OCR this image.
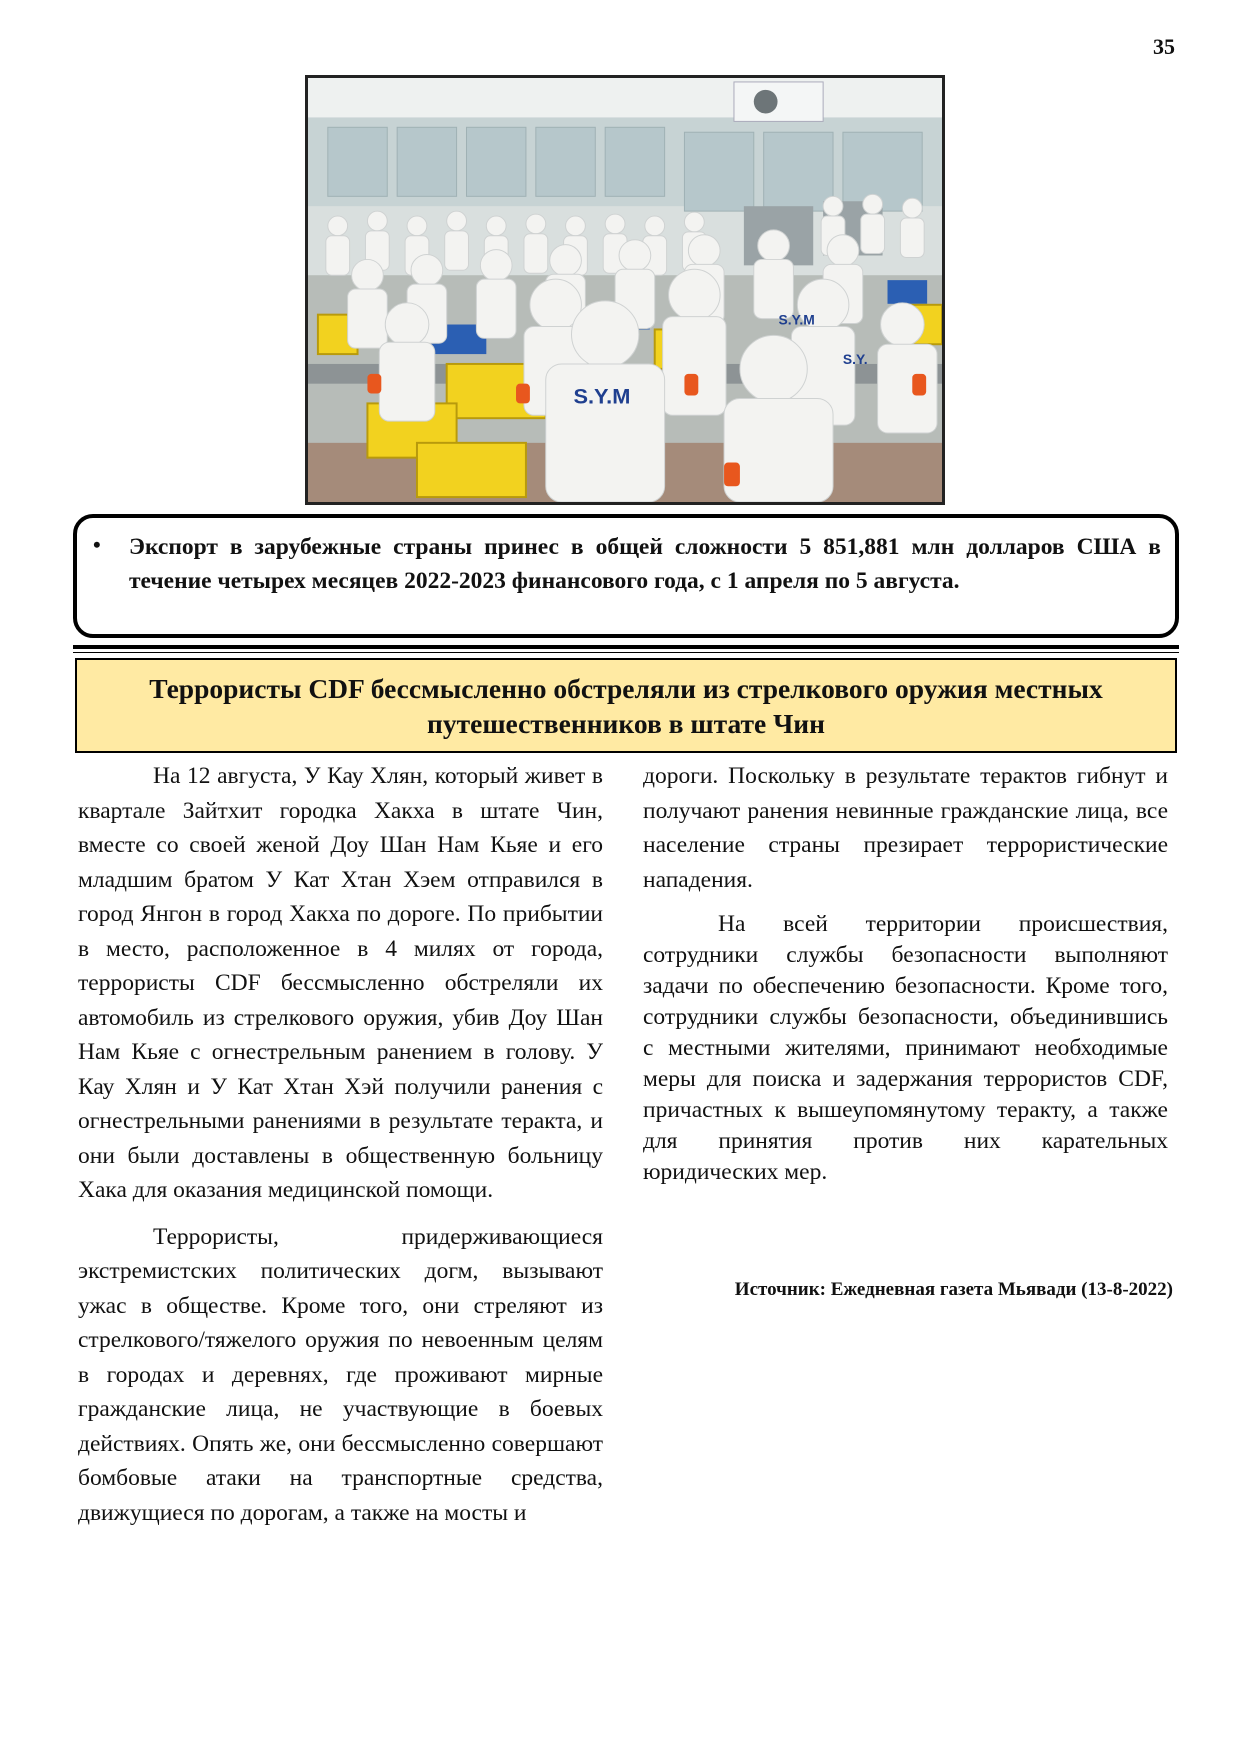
35
S.Y.M
S.Y.M
S.Y.
• Экспорт в зарубежные страны принес в общей сложности 5 851,881 млн долларов США в течение четырех месяцев 2022-2023 финансового года, с 1 апреля по 5 августа.

Террористы CDF бессмысленно обстреляли из стрелкового оружия местных путешественников в штате Чин

На 12 августа, У Кау Хлян, который живет в квартале Зайтхит городка Хакха в штате Чин, вместе со своей женой Доу Шан Нам Кьяе и его младшим братом У Кат Хтан Хэем отправился в город Янгон в город Хакха по дороге. По прибытии в место, расположенное в 4 милях от города, террористы CDF бессмысленно обстреляли их автомобиль из стрелкового оружия, убив Доу Шан Нам Кьяе с огнестрельным ранением в голову. У Кау Хлян и У Кат Хтан Хэй получили ранения с огнестрельными ранениями в результате теракта, и они были доставлены в общественную больницу Хака для оказания медицинской помощи.

Террористы, придерживающиеся экстремистских политических догм, вызывают ужас в обществе. Кроме того, они стреляют из стрелкового/тяжелого оружия по невоенным целям в городах и деревнях, где проживают мирные гражданские лица, не участвующие в боевых действиях. Опять же, они бессмысленно совершают бомбовые атаки на транспортные средства, движущиеся по дорогам, а также на мосты и

дороги. Поскольку в результате терактов гибнут и получают ранения невинные гражданские лица, все население страны презирает террористические нападения.

На всей территории происшествия, сотрудники службы безопасности выполняют задачи по обеспечению безопасности. Кроме того, сотрудники службы безопасности, объединившись с местными жителями, принимают необходимые меры для поиска и задержания террористов CDF, причастных к вышеупомянутому теракту, а также для принятия против них карательных юридических мер.

Источник: Ежедневная газета Мьявади (13-8-2022)
